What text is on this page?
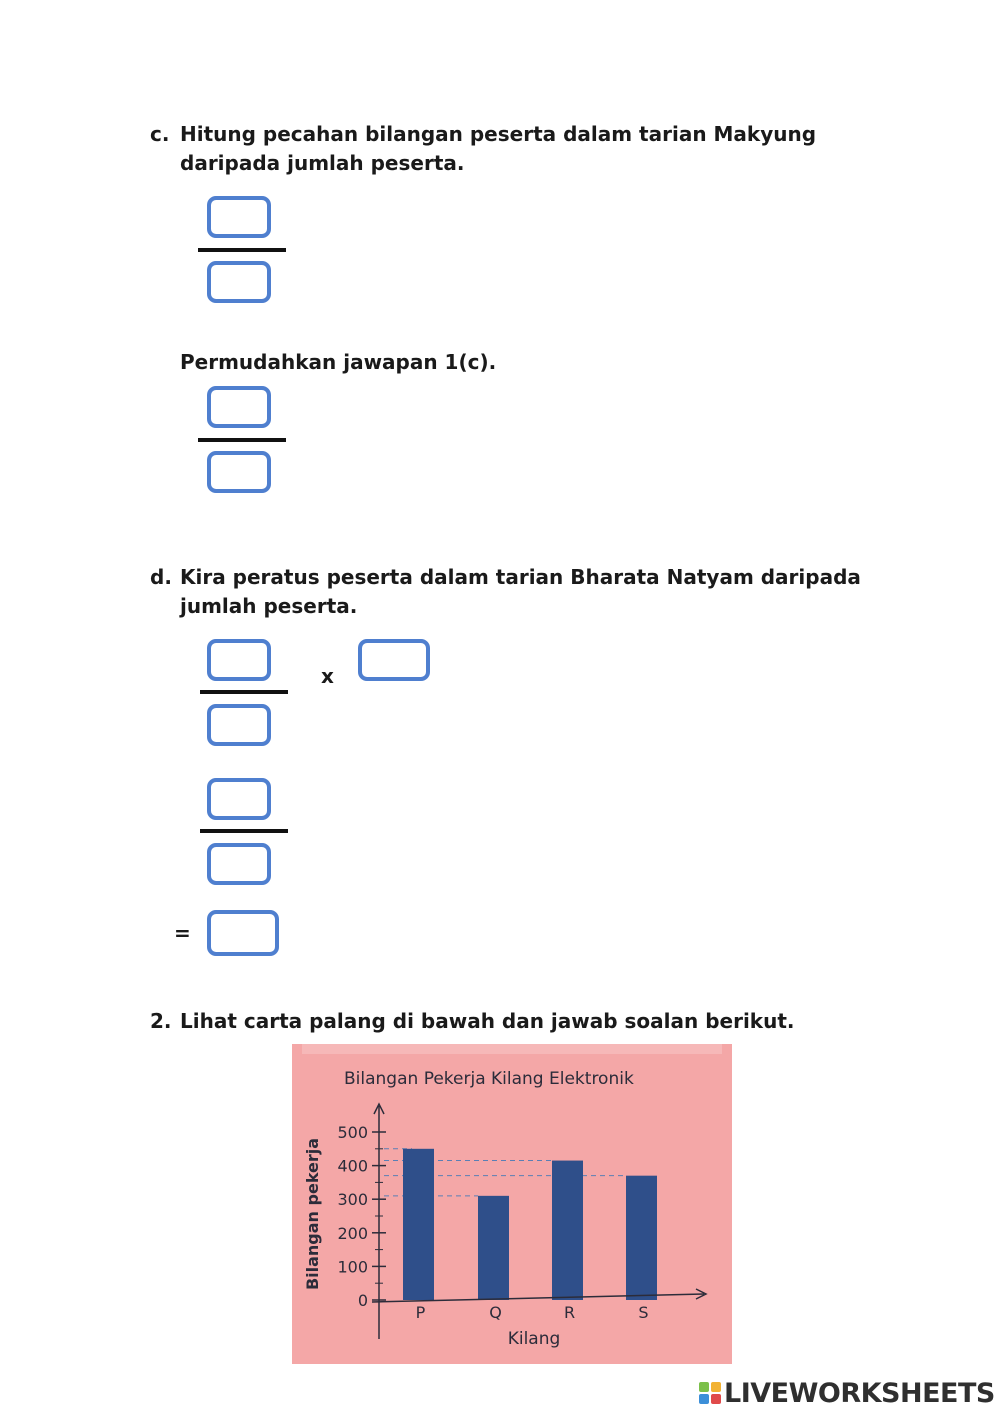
c. Hitung pecahan bilangan peserta dalam tarian Makyung daripada jumlah peserta.
Permudahkan jawapan 1(c).
d. Kira peratus peserta dalam tarian Bharata Natyam daripada jumlah peserta.
x
=
2. Lihat carta palang di bawah dan jawab soalan berikut.
Bilangan Pekerja Kilang Elektronik
0
100
200
300
400
500
P	Q	R	S
Bilangan pekerja
Kilang
LIVEWORKSHEETS
